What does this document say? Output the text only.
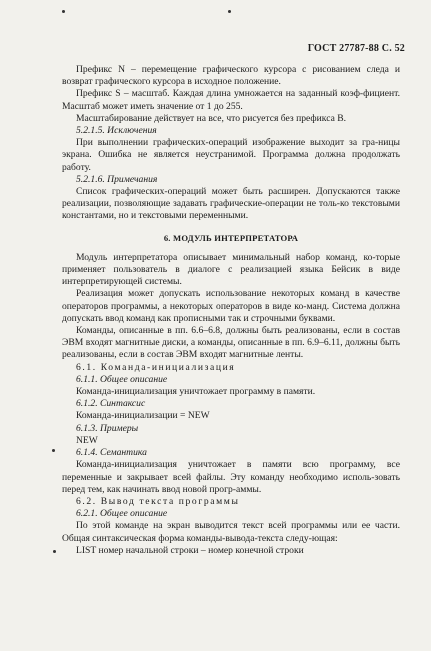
ГОСТ 27787-88 С. 52

Префикс N – перемещение графического курсора с рисованием следа и возврат графического курсора в исходное положение.

Префикс S – масштаб. Каждая длина умножается на заданный коэф-фициент. Масштаб может иметь значение от 1 до 255.

Масштабирование действует на все, что рисуется без префикса В.

5.2.1.5. Исключения

При выполнении графических-операций изображение выходит за гра-ницы экрана. Ошибка не является неустранимой. Программа должна продолжать работу.

5.2.1.6. Примечания

Список графических-операций может быть расширен. Допускаются также реализации, позволяющие задавать графические-операции не толь-ко текстовыми константами, но и текстовыми переменными.

6. МОДУЛЬ ИНТЕРПРЕТАТОРА

Модуль интерпретатора описывает минимальный набор команд, ко-торые применяет пользователь в диалоге с реализацией языка Бейсик в виде интерпретирующей системы.

Реализация может допускать использование некоторых команд в качестве операторов программы, а некоторых операторов в виде ко-манд. Система должна допускать ввод команд как прописными так и строчными буквами.

Команды, описанные в пп. 6.6–6.8, должны быть реализованы, если в состав ЭВМ входят магнитные диски, а команды, описанные в пп. 6.9–6.11, должны быть реализованы, если в состав ЭВМ входят магнитные ленты.

6.1. Команда-инициализация

6.1.1. Общее описание

Команда-инициализация уничтожает программу в памяти.

6.1.2. Синтаксис

Команда-инициализации = NEW

6.1.3. Примеры

NEW

6.1.4. Семантика

Команда-инициализация уничтожает в памяти всю программу, все переменные и закрывает всей файлы. Эту команду необходимо исполь-зовать перед тем, как начинать ввод новой прогр-аммы.

6.2. Вывод текста программы

6.2.1. Общее описание

По этой команде на экран выводится текст всей программы или ее части. Общая синтаксическая форма команды-вывода-текста следу-ющая:

LIST номер начальной строки – номер конечной строки
